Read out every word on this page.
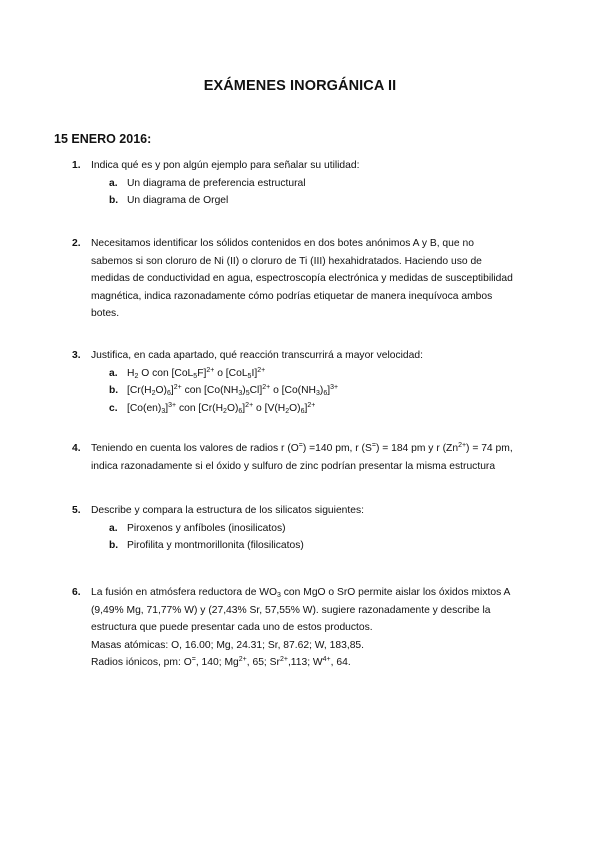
EXÁMENES INORGÁNICA II
15 ENERO 2016:
1. Indica qué es y pon algún ejemplo para señalar su utilidad:
a. Un diagrama de preferencia estructural
b. Un diagrama de Orgel
2. Necesitamos identificar los sólidos contenidos en dos botes anónimos A y B, que no
sabemos si son cloruro de Ni (II) o cloruro de Ti (III) hexahidratados. Haciendo uso de
medidas de conductividad en agua, espectroscopía electrónica y medidas de susceptibilidad
magnética, indica razonadamente cómo podrías etiquetar de manera inequívoca ambos
botes.
3. Justifica, en cada apartado, qué reacción transcurrirá a mayor velocidad:
a. $H_2$ O con $[CoL_5F]^{2+}$ o $[CoL_5I]^{2+}$
b. $[Cr(H_2O)_6]^{2+}$ con $[Co(NH_3)_5Cl]^{2+}$ o $[Co(NH_3)_6]^{3+}$
c. $[Co(en)_3]^{3+}$ con $[Cr(H_2O)_6]^{2+}$ o $[V(H_2O)_6]^{2+}$
4. Teniendo en cuenta los valores de radios r (O=) =140 pm, r (S=) = 184 pm y r $(Zn^{2+}) = 74$ pm,
indica razonadamente si el óxido y sulfuro de zinc podrían presentar la misma estructura
5. Describe y compara la estructura de los silicatos siguientes:
a. Piroxenos y anfíboles (inosilicatos)
b. Pirofilita y montmorillonita (filosilicatos)
6. La fusión en atmósfera reductora de $WO_3$ con MgO o SrO permite aislar los óxidos mixtos A
(9,49% Mg, 71,77% W) y (27,43% Sr, 57,55% W). sugiere razonadamente y describe la
estructura que puede presentar cada uno de estos productos.
Masas atómicas: O, 16.00; Mg, 24.31; Sr, 87.62; W, 183,85.
Radios iónicos, pm: O=, 140; $Mg^{2+}$, 65; $Sr^{2+},113$; $W^{4+}$, 64.
